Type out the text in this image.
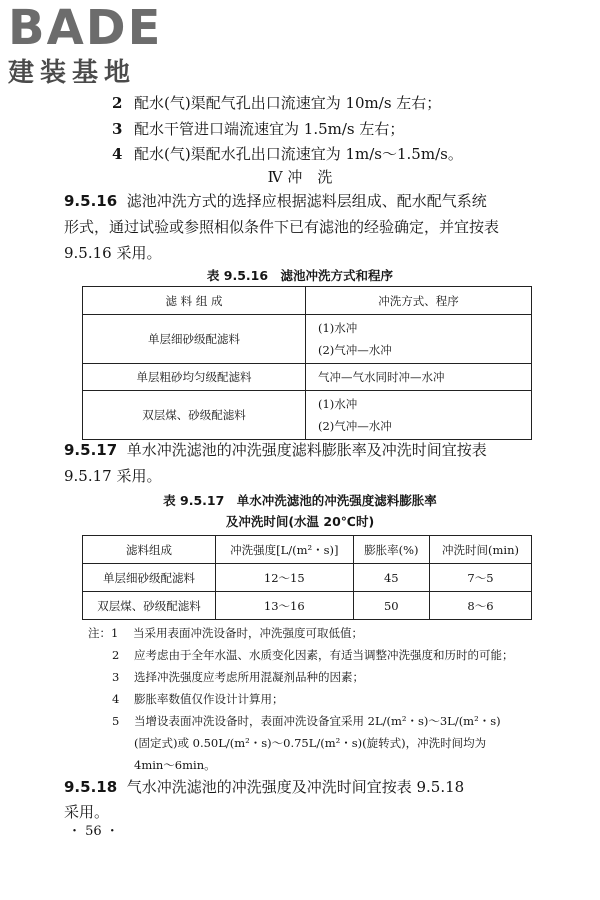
BADE
建装基地
2 配水(气)渠配气孔出口流速宜为 10m/s 左右；
3 配水干管进口端流速宜为 1.5m/s 左右；
4 配水(气)渠配水孔出口流速宜为 1m/s～1.5m/s。
Ⅳ 冲　洗
9.5.16 滤池冲洗方式的选择应根据滤料层组成、配水配气系统
形式，通过试验或参照相似条件下已有滤池的经验确定，并宜按表
9.5.16 采用。
表 9.5.16　滤池冲洗方式和程序
滤 料 组 成	冲洗方式、程序
单层细砂级配滤料	(1)水冲
(2)气冲—水冲

单层粗砂均匀级配滤料	气冲—气水同时冲—水冲
双层煤、砂级配滤料	(1)水冲
(2)气冲—水冲
9.5.17 单水冲洗滤池的冲洗强度滤料膨胀率及冲洗时间宜按表
9.5.17 采用。
表 9.5.17　单水冲洗滤池的冲洗强度滤料膨胀率
及冲洗时间(水温 20℃时)
滤料组成	冲洗强度[L/(m²・s)]	膨胀率(%)	冲洗时间(min)
单层细砂级配滤料	12～15	45	7～5
双层煤、砂级配滤料	13～16	50	8～6
注：1 当采用表面冲洗设备时，冲洗强度可取低值；
2 应考虑由于全年水温、水质变化因素，有适当调整冲洗强度和历时的可能；
3 选择冲洗强度应考虑所用混凝剂品种的因素；
4 膨胀率数值仅作设计计算用；
5 当增设表面冲洗设备时，表面冲洗设备宜采用 2L/(m²・s)～3L/(m²・s)
(固定式)或 0.50L/(m²・s)～0.75L/(m²・s)(旋转式)，冲洗时间均为
4min～6min。
9.5.18 气水冲洗滤池的冲洗强度及冲洗时间宜按表 9.5.18
采用。
・ 56 ・
